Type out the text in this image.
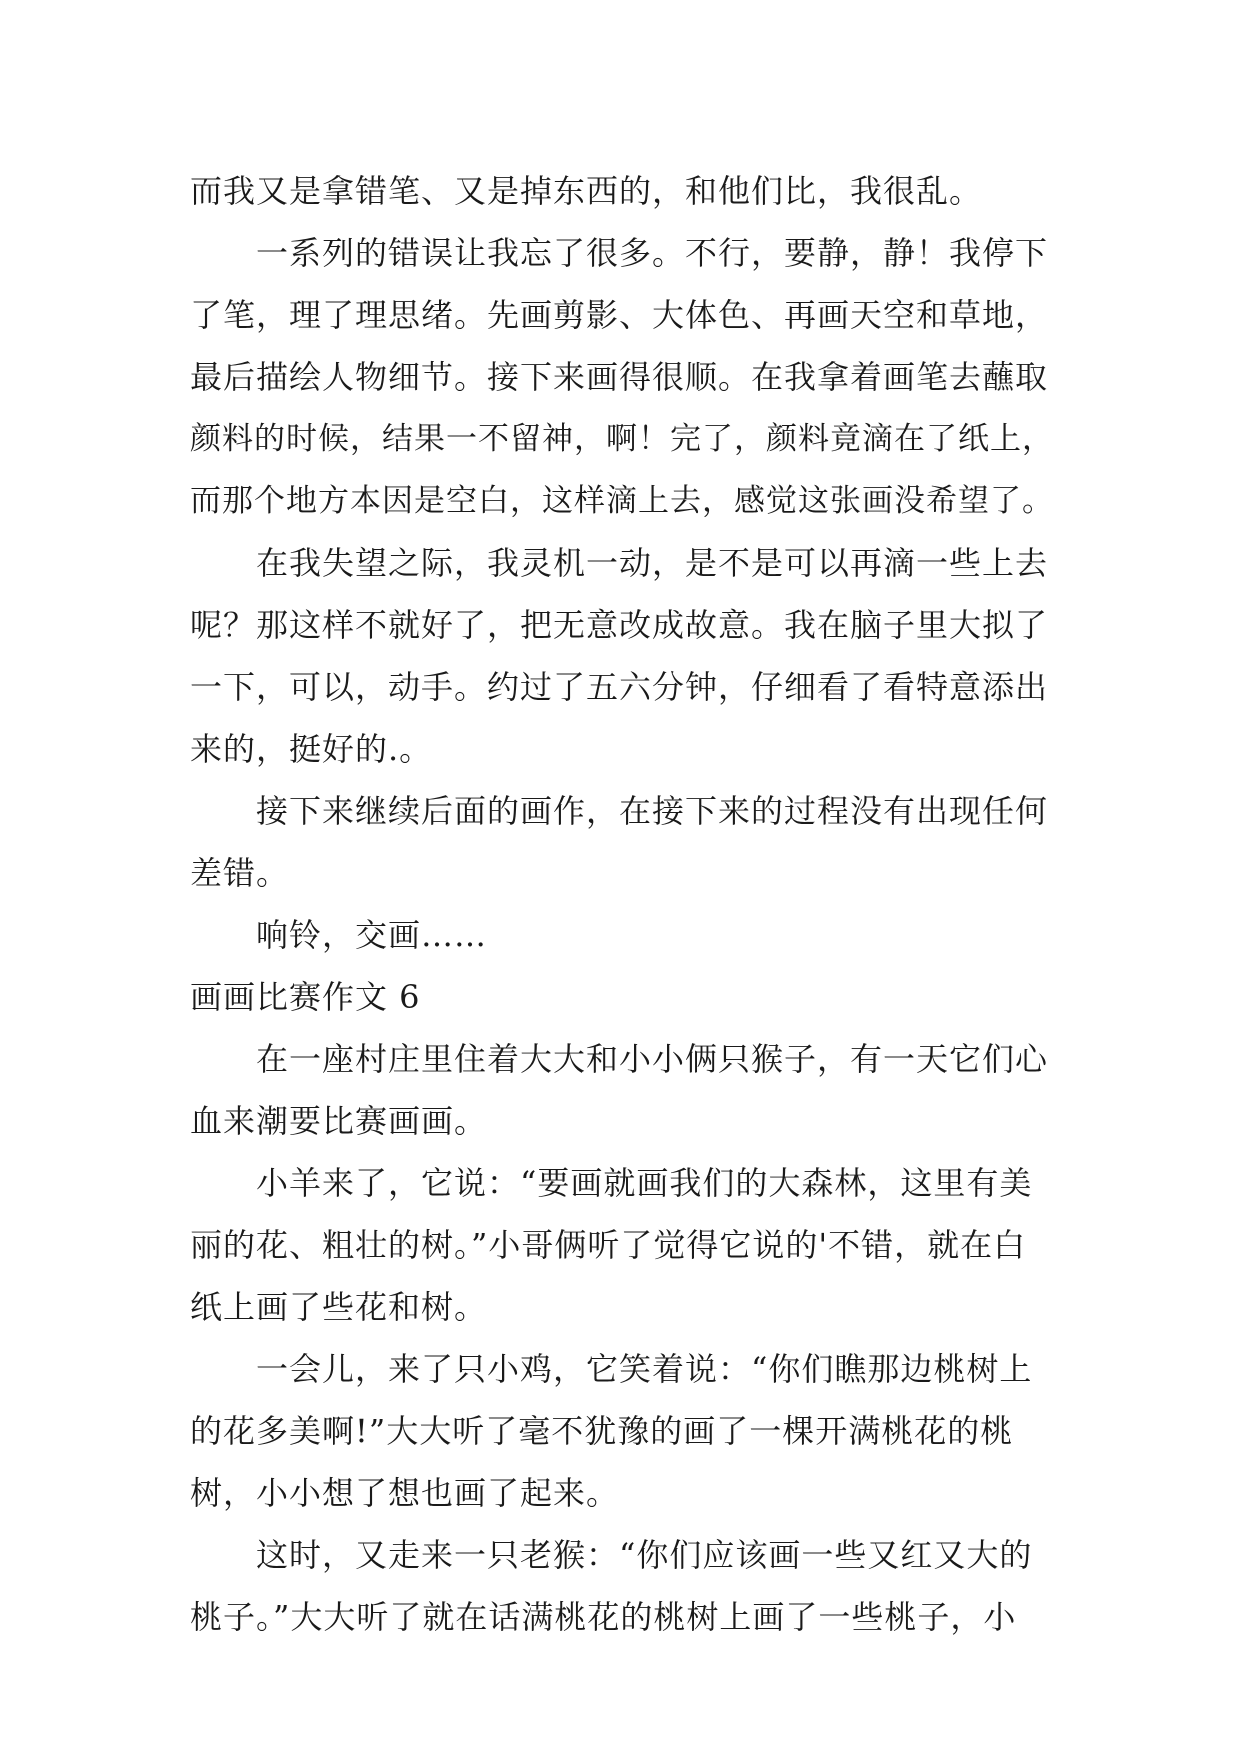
而我又是拿错笔、又是掉东西的，和他们比，我很乱。
一系列的错误让我忘了很多。不行，要静，静！我停下
了笔，理了理思绪。先画剪影、大体色、再画天空和草地，
最后描绘人物细节。接下来画得很顺。在我拿着画笔去蘸取
颜料的时候，结果一不留神，啊！完了，颜料竟滴在了纸上，
而那个地方本因是空白，这样滴上去，感觉这张画没希望了。
在我失望之际，我灵机一动，是不是可以再滴一些上去
呢？那这样不就好了，把无意改成故意。我在脑子里大拟了
一下，可以，动手。约过了五六分钟，仔细看了看特意添出
来的，挺好的.。
接下来继续后面的画作，在接下来的过程没有出现任何
差错。
响铃，交画……
画画比赛作文 6
在一座村庄里住着大大和小小俩只猴子，有一天它们心
血来潮要比赛画画。
小羊来了，它说：“要画就画我们的大森林，这里有美
丽的花、粗壮的树。”小哥俩听了觉得它说的'不错，就在白
纸上画了些花和树。
一会儿，来了只小鸡，它笑着说：“你们瞧那边桃树上
的花多美啊!”大大听了毫不犹豫的画了一棵开满桃花的桃
树，小小想了想也画了起来。
这时，又走来一只老猴：“你们应该画一些又红又大的
桃子。”大大听了就在话满桃花的桃树上画了一些桃子，小
